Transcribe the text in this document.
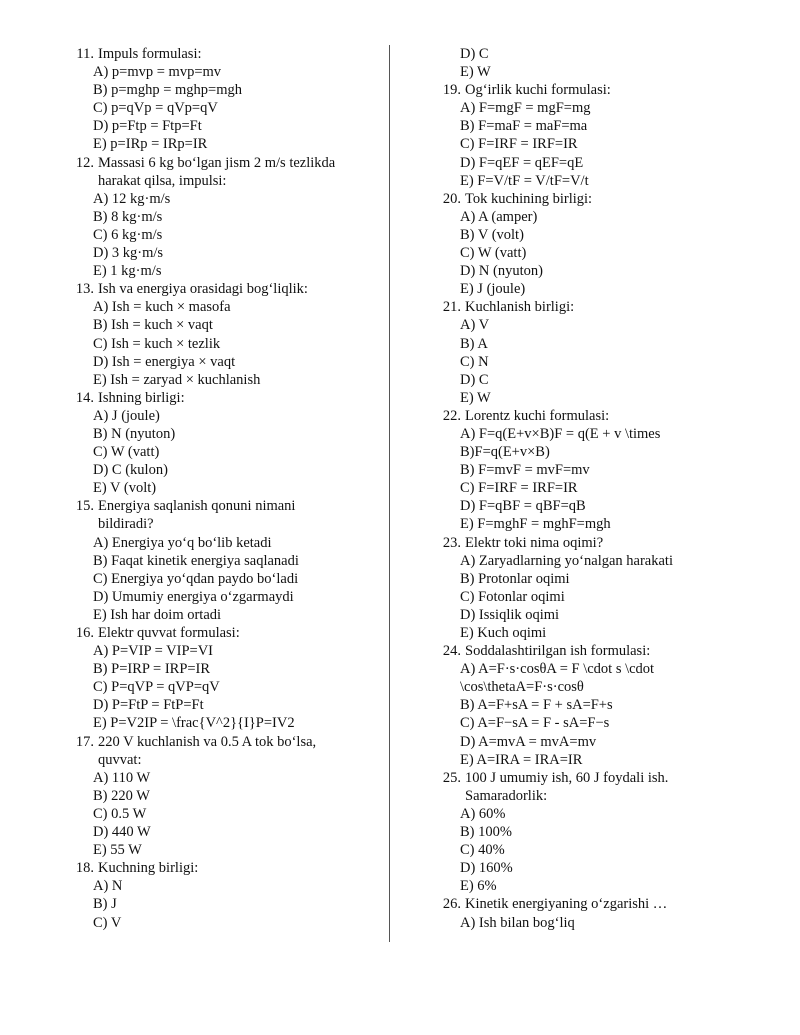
11. Impuls formulasi:
A) p=mvp = mvp=mv
B) p=mghp = mghp=mgh
C) p=qVp = qVp=qV
D) p=Ftp = Ftp=Ft
E) p=IRp = IRp=IR
12. Massasi 6 kg bo‘lgan jism 2 m/s tezlikda
harakat qilsa, impulsi:
A) 12 kg·m/s
B) 8 kg·m/s
C) 6 kg·m/s
D) 3 kg·m/s
E) 1 kg·m/s
13. Ish va energiya orasidagi bog‘liqlik:
A) Ish = kuch × masofa
B) Ish = kuch × vaqt
C) Ish = kuch × tezlik
D) Ish = energiya × vaqt
E) Ish = zaryad × kuchlanish
14. Ishning birligi:
A) J (joule)
B) N (nyuton)
C) W (vatt)
D) C (kulon)
E) V (volt)
15. Energiya saqlanish qonuni nimani
bildiradi?
A) Energiya yo‘q bo‘lib ketadi
B) Faqat kinetik energiya saqlanadi
C) Energiya yo‘qdan paydo bo‘ladi
D) Umumiy energiya o‘zgarmaydi
E) Ish har doim ortadi
16. Elektr quvvat formulasi:
A) P=VIP = VIP=VI
B) P=IRP = IRP=IR
C) P=qVP = qVP=qV
D) P=FtP = FtP=Ft
E) P=V2IP = \frac{V^2}{I}P=IV2
17. 220 V kuchlanish va 0.5 A tok bo‘lsa,
quvvat:
A) 110 W
B) 220 W
C) 0.5 W
D) 440 W
E) 55 W
18. Kuchning birligi:
A) N
B) J
C) V
D) C
E) W
19. Og‘irlik kuchi formulasi:
A) F=mgF = mgF=mg
B) F=maF = maF=ma
C) F=IRF = IRF=IR
D) F=qEF = qEF=qE
E) F=V/tF = V/tF=V/t
20. Tok kuchining birligi:
A) A (amper)
B) V (volt)
C) W (vatt)
D) N (nyuton)
E) J (joule)
21. Kuchlanish birligi:
A) V
B) A
C) N
D) C
E) W
22. Lorentz kuchi formulasi:
A) F=q(E+v×B)F = q(E + v \times
B)F=q(E+v×B)
B) F=mvF = mvF=mv
C) F=IRF = IRF=IR
D) F=qBF = qBF=qB
E) F=mghF = mghF=mgh
23. Elektr toki nima oqimi?
A) Zaryadlarning yo‘nalgan harakati
B) Protonlar oqimi
C) Fotonlar oqimi
D) Issiqlik oqimi
E) Kuch oqimi
24. Soddalashtirilgan ish formulasi:
A) A=F·s·cosθA = F \cdot s \cdot
\cos\thetaA=F·s·cosθ
B) A=F+sA = F + sA=F+s
C) A=F−sA = F - sA=F−s
D) A=mvA = mvA=mv
E) A=IRA = IRA=IR
25. 100 J umumiy ish, 60 J foydali ish.
Samaradorlik:
A) 60%
B) 100%
C) 40%
D) 160%
E) 6%
26. Kinetik energiyaning o‘zgarishi …
A) Ish bilan bog‘liq
